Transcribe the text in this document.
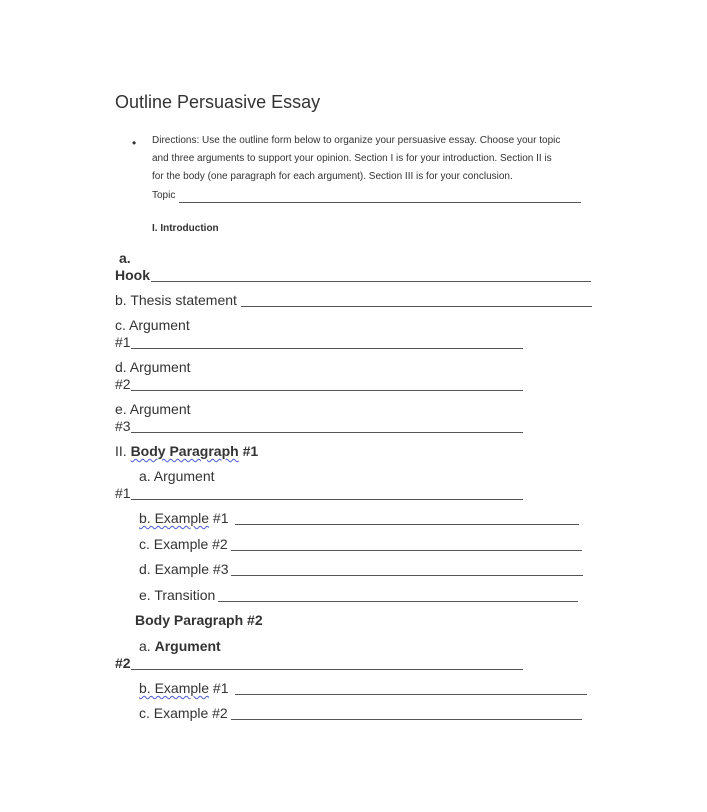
Outline Persuasive Essay
• Directions: Use the outline form below to organize your persuasive essay. Choose your topic
and three arguments to support your opinion. Section I is for your introduction. Section II is
for the body (one paragraph for each argument). Section III is for your conclusion.
Topic
I. Introduction
a.
Hook
b. Thesis statement
c. Argument
#1
d. Argument
#2
e. Argument
#3
II. Body Paragraph #1
a. Argument
#1
b. Example #1
c. Example #2
d. Example #3
e. Transition
Body Paragraph #2
a. Argument
#2
b. Example #1
c. Example #2
